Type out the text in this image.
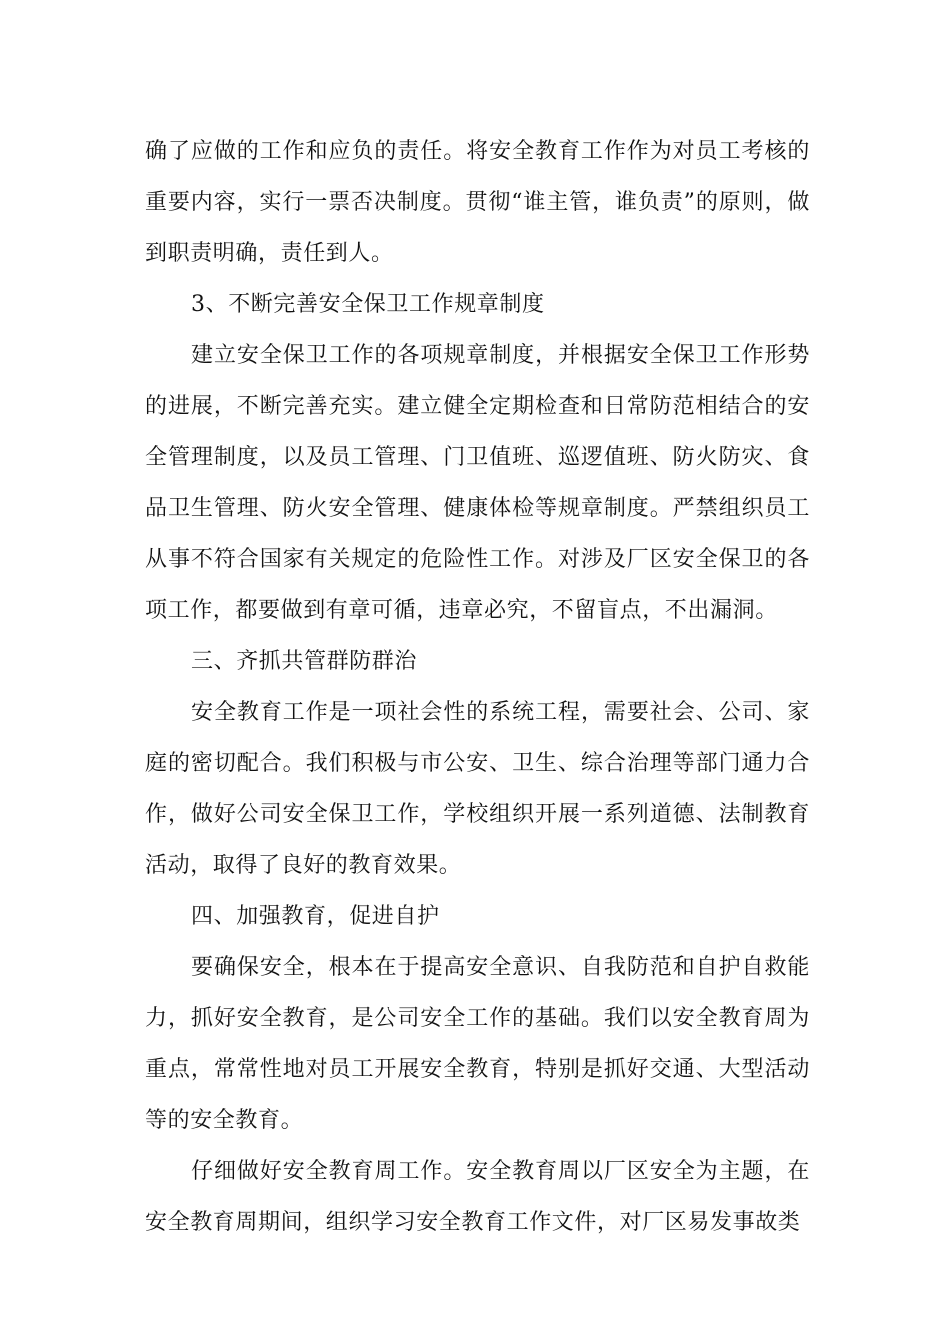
确了应做的工作和应负的责任。将安全教育工作作为对员工考核的重要内容，实行一票否决制度。贯彻“谁主管，谁负责”的原则，做到职责明确，责任到人。

3、不断完善安全保卫工作规章制度

建立安全保卫工作的各项规章制度，并根据安全保卫工作形势的进展，不断完善充实。建立健全定期检查和日常防范相结合的安全管理制度，以及员工管理、门卫值班、巡逻值班、防火防灾、食品卫生管理、防火安全管理、健康体检等规章制度。严禁组织员工从事不符合国家有关规定的危险性工作。对涉及厂区安全保卫的各项工作，都要做到有章可循，违章必究，不留盲点，不出漏洞。

三、齐抓共管群防群治

安全教育工作是一项社会性的系统工程，需要社会、公司、家庭的密切配合。我们积极与市公安、卫生、综合治理等部门通力合作，做好公司安全保卫工作，学校组织开展一系列道德、法制教育活动，取得了良好的教育效果。

四、加强教育，促进自护

要确保安全，根本在于提高安全意识、自我防范和自护自救能力，抓好安全教育，是公司安全工作的基础。我们以安全教育周为重点，常常性地对员工开展安全教育，特别是抓好交通、大型活动等的安全教育。

仔细做好安全教育周工作。安全教育周以厂区安全为主题，在安全教育周期间，组织学习安全教育工作文件，对厂区易发事故类
